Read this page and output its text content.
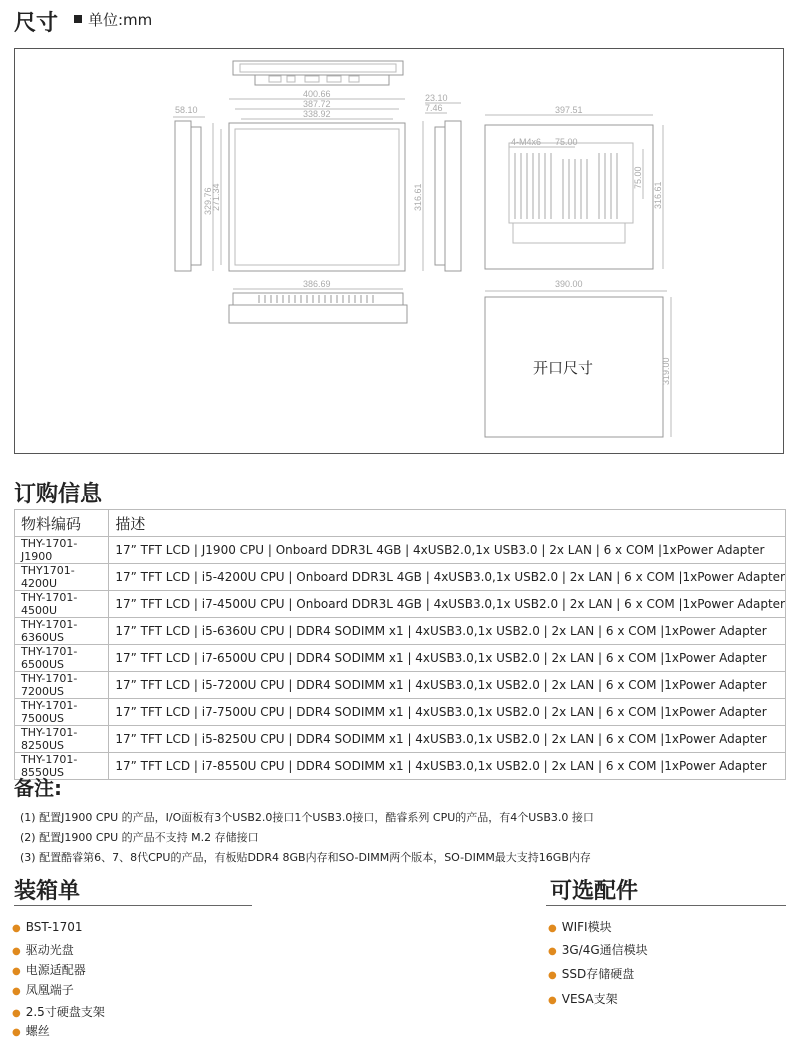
尺寸 单位:mm
58.10
400.66
387.72
338.92
329.76
271.34
23.10
7.46
316.61
397.51
4-M4x6 75.00
75.00
316.61
386.69	390.00
319.00
开口尺寸
订购信息
物料编码	描述
THY-1701-J1900	17” TFT LCD | J1900 CPU | Onboard DDR3L 4GB | 4xUSB2.0,1x USB3.0 | 2x LAN | 6 x COM |1xPower Adapter
THY1701-4200U	17” TFT LCD | i5-4200U CPU | Onboard DDR3L 4GB | 4xUSB3.0,1x USB2.0 | 2x LAN | 6 x COM |1xPower Adapter
THY-1701-4500U	17” TFT LCD | i7-4500U CPU | Onboard DDR3L 4GB | 4xUSB3.0,1x USB2.0 | 2x LAN | 6 x COM |1xPower Adapter
THY-1701-6360US	17” TFT LCD | i5-6360U CPU | DDR4 SODIMM x1 | 4xUSB3.0,1x USB2.0 | 2x LAN | 6 x COM |1xPower Adapter
THY-1701-6500US	17” TFT LCD | i7-6500U CPU | DDR4 SODIMM x1 | 4xUSB3.0,1x USB2.0 | 2x LAN | 6 x COM |1xPower Adapter
THY-1701-7200US	17” TFT LCD | i5-7200U CPU | DDR4 SODIMM x1 | 4xUSB3.0,1x USB2.0 | 2x LAN | 6 x COM |1xPower Adapter
THY-1701-7500US	17” TFT LCD | i7-7500U CPU | DDR4 SODIMM x1 | 4xUSB3.0,1x USB2.0 | 2x LAN | 6 x COM |1xPower Adapter
THY-1701-8250US	17” TFT LCD | i5-8250U CPU | DDR4 SODIMM x1 | 4xUSB3.0,1x USB2.0 | 2x LAN | 6 x COM |1xPower Adapter
THY-1701-8550US	17” TFT LCD | i7-8550U CPU | DDR4 SODIMM x1 | 4xUSB3.0,1x USB2.0 | 2x LAN | 6 x COM |1xPower Adapter
备注:
(1) 配置J1900 CPU 的产品，I/O面板有3个USB2.0接口1个USB3.0接口，酷睿系列 CPU的产品，有4个USB3.0 接口
(2) 配置J1900 CPU 的产品不支持 M.2 存储接口
(3) 配置酷睿第6、7、8代CPU的产品，有板贴DDR4 8GB内存和SO-DIMM两个版本，SO-DIMM最大支持16GB内存
装箱单
● BST-1701
● 驱动光盘
● 电源适配器
● 凤凰端子
● 2.5寸硬盘支架
● 螺丝
可选配件
● WIFI模块
● 3G/4G通信模块
● SSD存储硬盘
● VESA支架
